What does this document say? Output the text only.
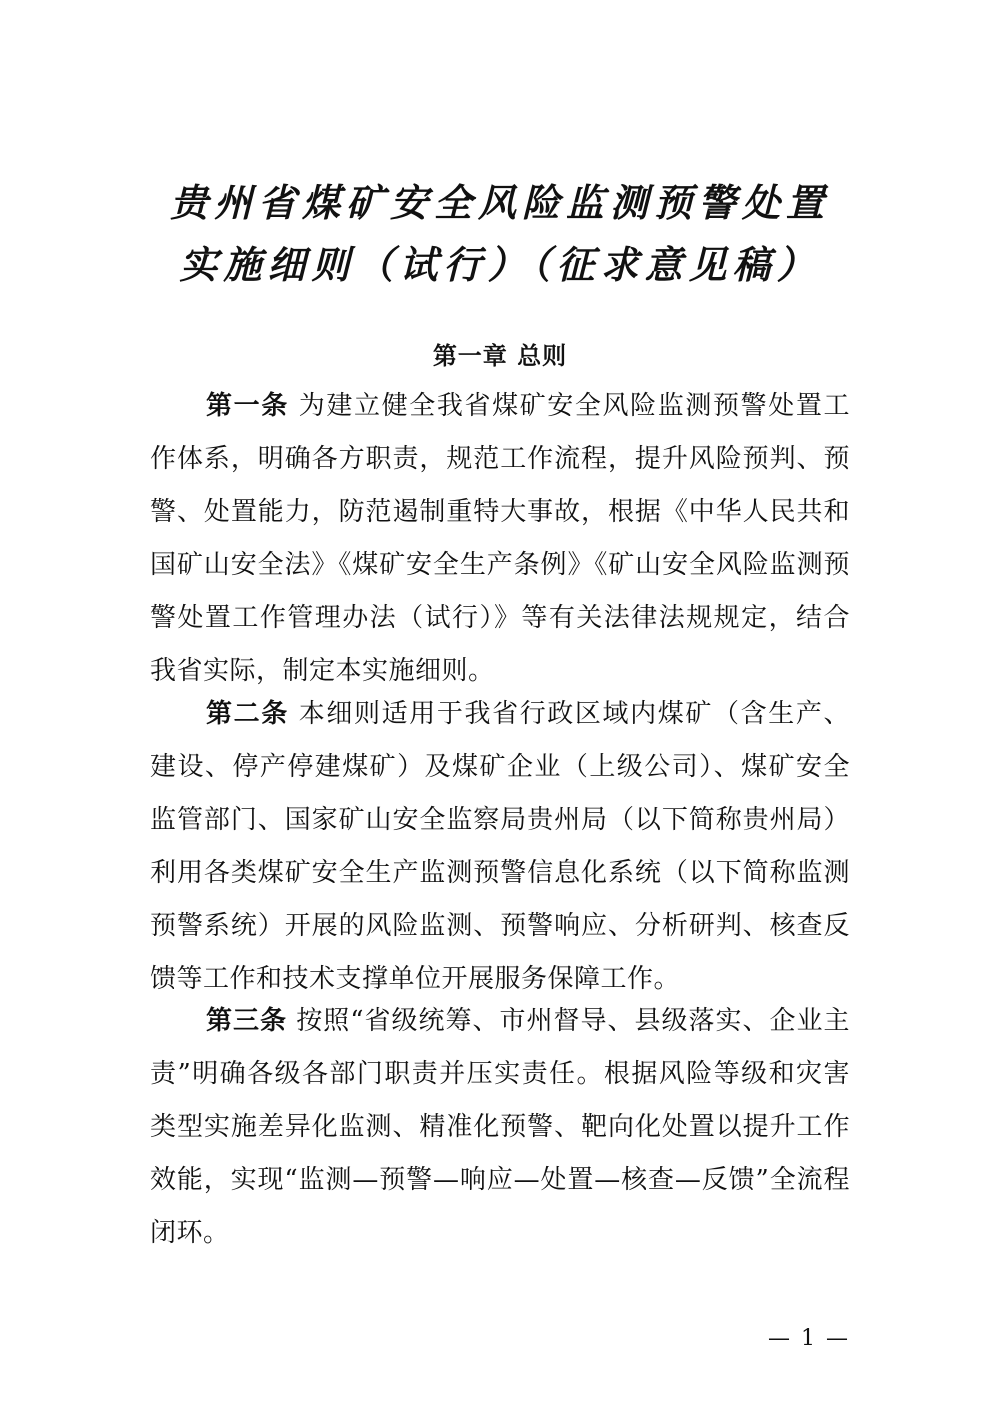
贵州省煤矿安全风险监测预警处置
实施细则（试行）（征求意见稿）
第一章 总则

第一条 为建立健全我省煤矿安全风险监测预警处置工作体系，明确各方职责，规范工作流程，提升风险预判、预警、处置能力，防范遏制重特大事故，根据《中华人民共和国矿山安全法》《煤矿安全生产条例》《矿山安全风险监测预警处置工作管理办法（试行）》等有关法律法规规定，结合我省实际，制定本实施细则。

第二条 本细则适用于我省行政区域内煤矿（含生产、建设、停产停建煤矿）及煤矿企业（上级公司）、煤矿安全监管部门、国家矿山安全监察局贵州局（以下简称贵州局）利用各类煤矿安全生产监测预警信息化系统（以下简称监测预警系统）开展的风险监测、预警响应、分析研判、核查反馈等工作和技术支撑单位开展服务保障工作。

第三条 按照“省级统筹、市州督导、县级落实、企业主责”明确各级各部门职责并压实责任。根据风险等级和灾害类型实施差异化监测、精准化预警、靶向化处置以提升工作效能，实现“监测—预警—响应—处置—核查—反馈”全流程闭环。

— 1 —
